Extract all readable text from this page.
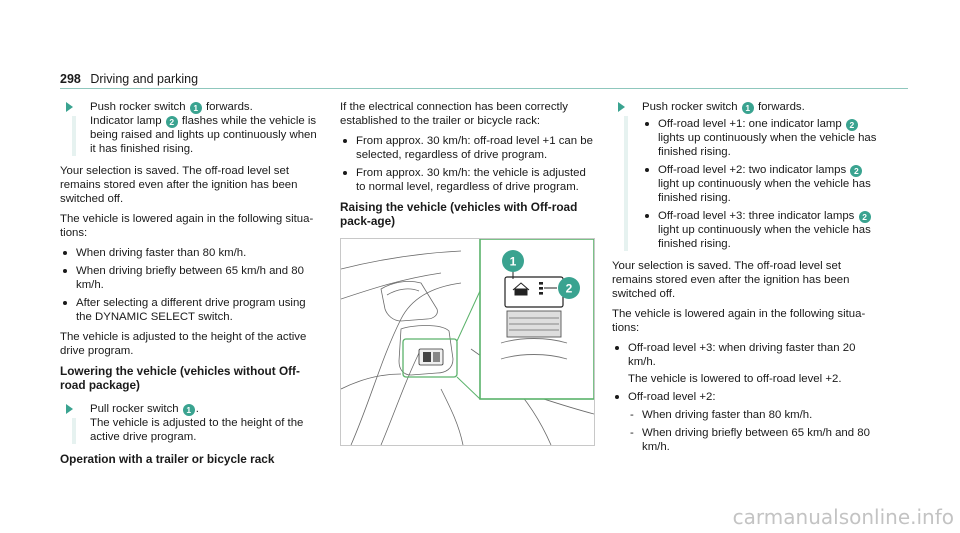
298 Driving and parking

Push rocker switch 1 forwards.
Indicator lamp 2 flashes while the vehicle is being raised and lights up continuously when it has finished rising.

Your selection is saved. The off-road level set remains stored even after the ignition has been switched off.

The vehicle is lowered again in the following situa-tions:

When driving faster than 80 km/h.
When driving briefly between 65 km/h and 80 km/h.
After selecting a different drive program using the DYNAMIC SELECT switch.

The vehicle is adjusted to the height of the active drive program.

Lowering the vehicle (vehicles without Off-road package)

Pull rocker switch 1 .
The vehicle is adjusted to the height of the active drive program.

Operation with a trailer or bicycle rack

If the electrical connection has been correctly established to the trailer or bicycle rack:

From approx. 30 km/h: off-road level +1 can be selected, regardless of drive program.
From approx. 30 km/h: the vehicle is adjusted to normal level, regardless of drive program.
Raising the vehicle (vehicles with Off-road pack-age)
1
2

Push rocker switch 1 forwards.

Off-road level +1: one indicator lamp 2 lights up continuously when the vehicle has finished rising.
Off-road level +2: two indicator lamps 2 light up continuously when the vehicle has finished rising.
Off-road level +3: three indicator lamps 2 light up continuously when the vehicle has finished rising.

Your selection is saved. The off-road level set remains stored even after the ignition has been switched off.

The vehicle is lowered again in the following situa-tions:

Off-road level +3: when driving faster than 20 km/h.
The vehicle is lowered to off-road level +2.
Off-road level +2:
- When driving faster than 80 km/h.
- When driving briefly between 65 km/h and 80 km/h.
carmanualsonline.info
